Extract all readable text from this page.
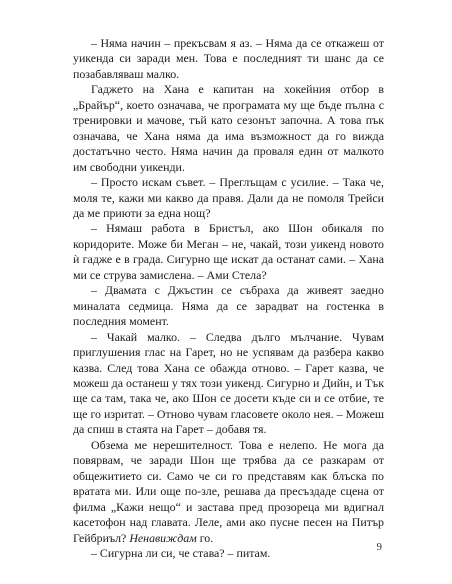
– Няма начин – прекъсвам я аз. – Няма да се откажеш от уикенда си заради мен. Това е последният ти шанс да се позабавляваш малко.

Гаджето на Хана е капитан на хокейния отбор в „Брайър“, което означава, че програмата му ще бъде пълна с тренировки и мачове, тъй като сезонът започна. А това пък означава, че Хана няма да има възможност да го вижда достатъчно често. Няма начин да проваля един от малкото им свободни уикенди.

– Просто искам съвет. – Преглъщам с усилие. – Така че, моля те, кажи ми какво да правя. Дали да не помоля Трейси да ме приюти за една нощ?

– Нямаш работа в Бристъл, ако Шон обикаля по коридорите. Може би Меган – не, чакай, този уикенд новото ѝ гадже е в града. Сигурно ще искат да останат сами. – Хана ми се струва замислена. – Ами Стела?

– Двамата с Джъстин се събраха да живеят заедно миналата седмица. Няма да се зарадват на гостенка в последния момент.

– Чакай малко. – Следва дълго мълчание. Чувам приглушения глас на Гарет, но не успявам да разбера какво казва. След това Хана се обажда отново. – Гарет казва, че можеш да останеш у тях този уикенд. Сигурно и Дийн, и Тък ще са там, така че, ако Шон се досети къде си и се отбие, те ще го изритат. – Отново чувам гласовете около нея. – Можеш да спиш в стаята на Гарет – добавя тя.

Обзема ме нерешителност. Това е нелепо. Не мога да повярвам, че заради Шон ще трябва да се разкарам от общежитието си. Само че си го представям как блъска по вратата ми. Или още по-зле, решава да пресъздаде сцена от филма „Кажи нещо“ и застава пред прозореца ми вдигнал касетофон над главата. Леле, ами ако пусне песен на Питър Гейбриъл? Ненавиждам го.

– Сигурна ли си, че става? – питам.	9
